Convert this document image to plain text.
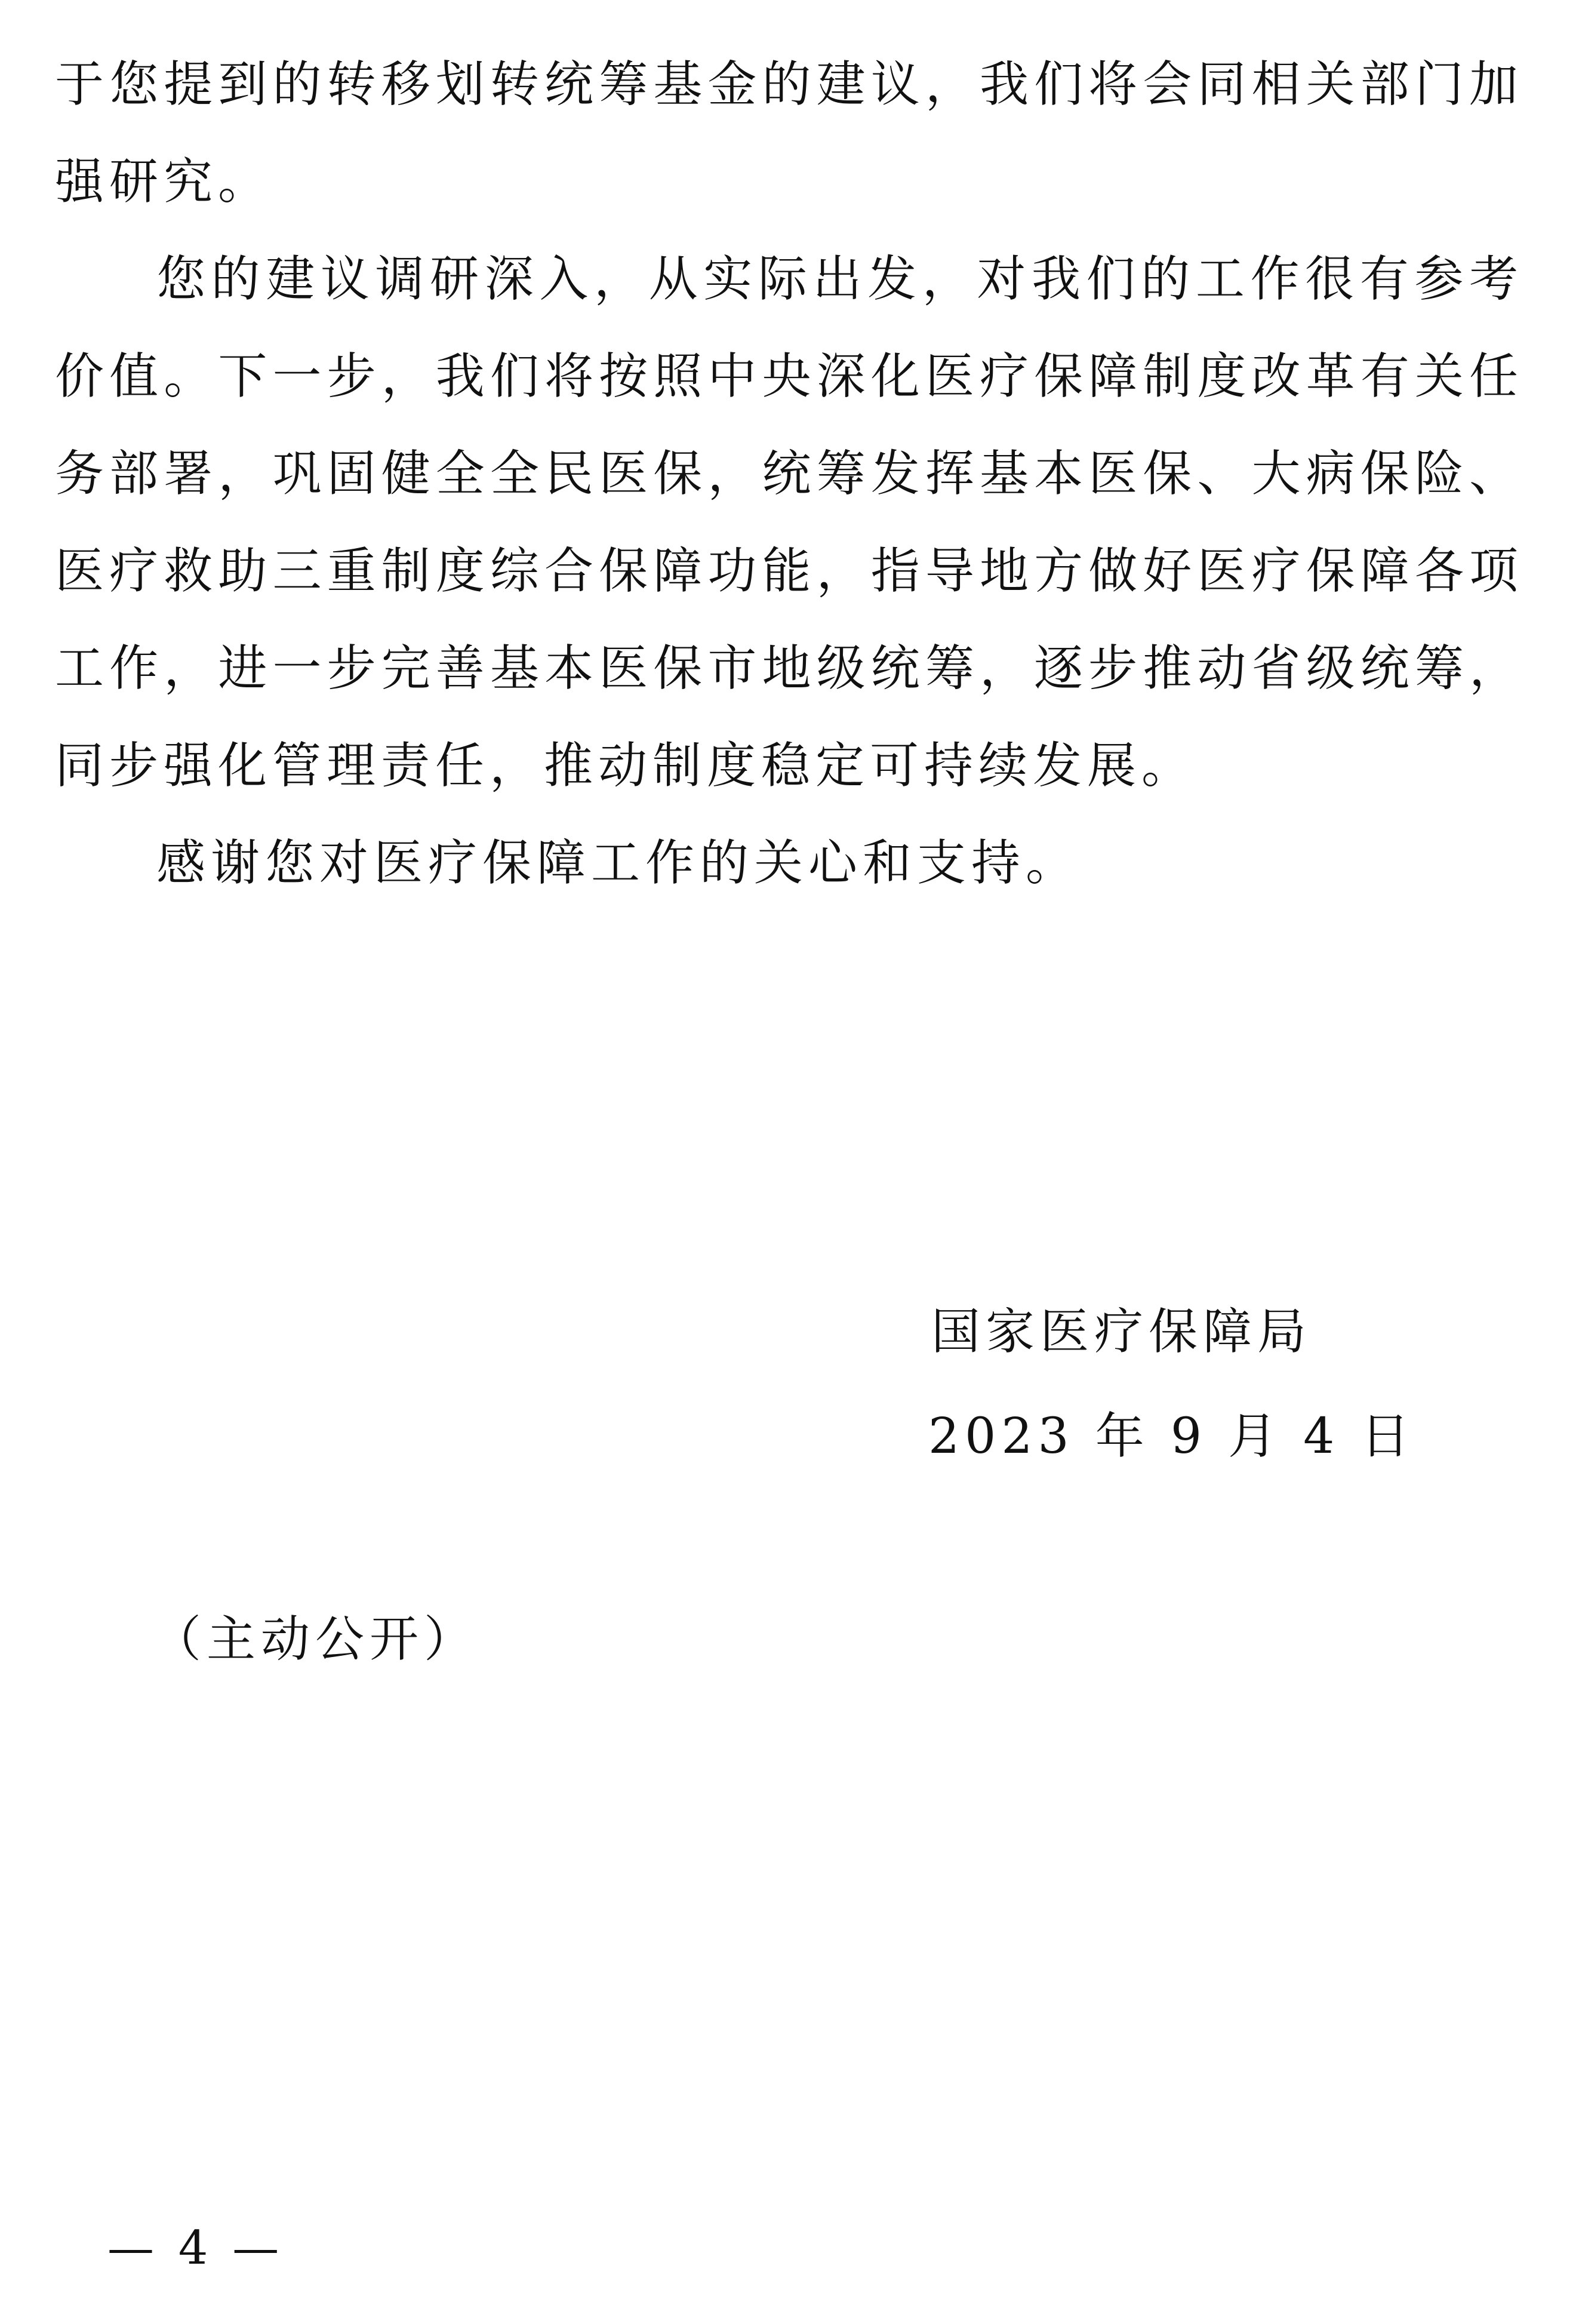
于您提到的转移划转统筹基金的建议，我们将会同相关部门加强研究。

您的建议调研深入，从实际出发，对我们的工作很有参考价值。下一步，我们将按照中央深化医疗保障制度改革有关任务部署，巩固健全全民医保，统筹发挥基本医保、大病保险、医疗救助三重制度综合保障功能，指导地方做好医疗保障各项工作，进一步完善基本医保市地级统筹，逐步推动省级统筹，同步强化管理责任，推动制度稳定可持续发展。

感谢您对医疗保障工作的关心和支持。

国家医疗保障局
2023 年 9 月 4 日
（主动公开）
— 4 —
